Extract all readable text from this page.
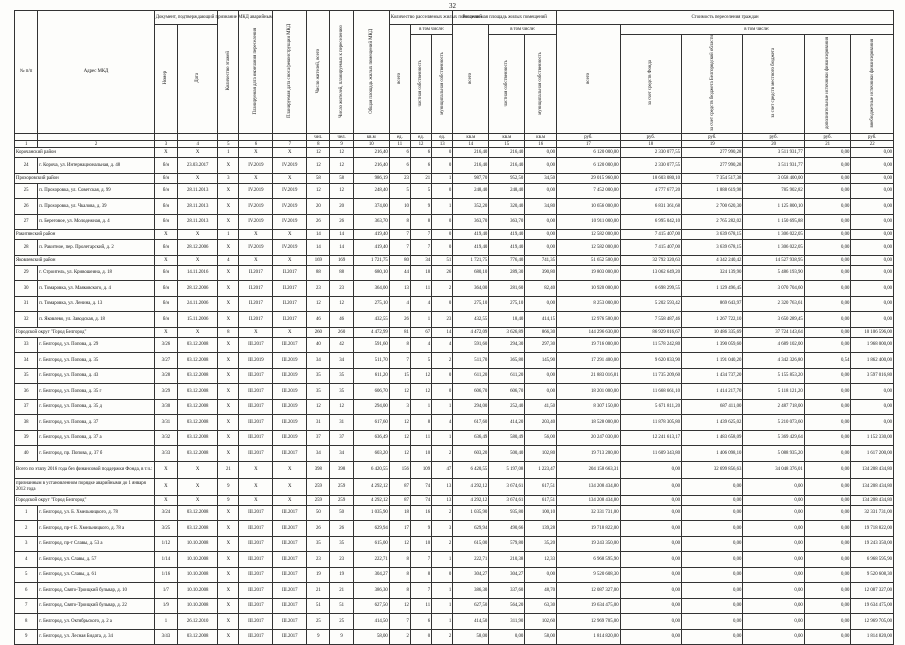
32
№ п/п	Адрес МКД	Документ, подтверждающий признание МКД аварийным		Количество этажей	Планируемая дата окончания переселения	Планируемая дата сноса/реконструкции МКД	Число жителей, всего	Число жителей, планируемых к переселению	Общая площадь жилых помещений МКД	Количество расселяемых жилых помещений			Расселяемая площадь жилых помещений			Стоимость переселения граждан					
		Номер	Дата							всего	в том числе:		всего	в том числе:		всего	в том числе:				
											частная собственность	муниципальная собственность		частная собственность	муниципальная собственность		за счет средств Фонда	за счет средств бюджета Белгородской области	за счет средств местного бюджета	дополнительные источники финансирования	внебюджетные источники финансирования
							чел.	чел.	кв.м	ед.	ед.	ед.	кв.м	кв.м	кв.м	руб.	руб.	руб.	руб.	руб.	руб.
1	2	3	4	5	6	7	8	9	10	11	12	13	14	15	16	17	18	19	20	21	22
Корочанский район		Х	Х	1	Х	Х	12	12	216,40	6	6	0	216,40	216,40	0,00	6 120 000,00	2 330 077,55	277 990,28	3 511 931,77	0,00	0,00
24	г. Короча, ул. Интернациональная, д. 48	б/н	23.03.2017	Х	IV.2019	IV.2019	12	12	216,40	6	6	0	216,40	216,40	0,00	6 120 000,00	2 330 077,55	277 990,28	3 511 931,77	0,00	0,00
Прохоровский район		б/н	Х	3	Х	Х	58	58	986,19	23	21	1	987,70	952,50	34,50	29 015 960,00	18 603 080,10	7 354 517,38	3 058 400,00	0,00	0,00
25	п. Прохоровка, ул. Советская, д. 99	б/н	28.11.2013	Х	IV.2019	IV.2019	12	12	248,40	5	5	0	248,40	248,40	0,00	7 452 000,00	4 777 677,20	1 888 619,98	785 902,82	0,00	0,00
26	п. Прохоровка, ул. Чкалова, д. 39	б/н	28.11.2013	Х	IV.2019	IV.2019	20	20	374,00	10	9	1	352,20	320,40	34,80	10 656 000,00	6 831 361,68	2 700 620,30	1 125 800,10	0,00	0,00
27	п. Береговое, ул. Молодежная, д. 4	б/н	28.11.2013	Х	IV.2019	IV.2019	26	26	363,70	8	8	0	363,70	363,70	0,00	10 911 000,00	6 995 042,10	2 765 282,02	1 150 695,88	0,00	0,00
Ракитянский район		Х	Х	1	Х	Х	14	14	419,40	7	7	0	419,40	419,40	0,00	12 582 000,00	7 415 407,00	3 639 678,15	1 306 022,05	0,00	0,00
28	п. Ракитное, пер. Пролетарский, д. 2	б/н	28.12.2006	Х	IV.2019	IV.2019	14	14	419,40	7	7	0	419,40	419,40	0,00	12 582 000,00	7 415 407,00	3 639 678,15	1 306 022,05	0,00	0,00
Яковлевский район		Х	Х	4	Х	Х	169	169	1 721,75	80	34	51	1 721,75	776,40	741,35	51 652 500,00	32 792 320,63	4 342 240,42	14 527 938,95	0,00	0,00
29	г. Строитель, ул. Кривошеина, д. 18	б/н	14.11.2016	Х	II.2017	II.2017	88	88	680,10	44	18	26	680,10	289,30	390,80	19 803 000,00	13 062 649,20	324 139,90	5 486 193,90	0,00	0,00
30	п. Томаровка, ул. Маяковского, д. 4	б/н	28.12.2006	Х	II.2017	II.2017	23	23	364,00	13	11	2	364,00	281,60	82,40	10 920 000,00	6 698 299,55	1 129 496,45	3 070 704,60	0,00	0,00
31	п. Томаровка, ул. Ленина, д. 13	б/н	24.11.2006	Х	II.2017	II.2017	12	12	275,10	4	4	0	275,10	275,10	0,00	8 253 000,00	5 202 593,42	869 643,97	2 320 763,61	0,00	0,00
32	п. Яковлево, ул. Заводская, д. 18	б/н	15.11.2006	Х	II.2017	II.2017	46	46	432,55	26	1	23	432,55	18,40	414,15	12 976 500,00	7 558 487,46	1 267 722,10	3 650 289,45	0,00	0,00
Городской округ "Город Белгород"		Х	Х	8	Х	Х	260	260	4 472,99	81	67	14	4 472,09	3 626,89	866,30	144 296 630,00	86 929 016,67	10 486 335,69	37 724 143,64	0,00	10 106 596,00
33	г. Белгород, ул. Попова, д. 29	3/26	03.12.2008	Х	III.2017	III.2017	40	42	591,60	8	4	4	591,60	294,30	297,30	19 716 000,00	11 578 242,80	1 390 059,60	4 689 102,00	0,00	1 968 000,00
34	г. Белгород, ул. Попова, д. 35	3/27	03.12.2008	Х	III.2019	III.2019	34	34	511,70	7	5	2	511,70	365,80	145,90	17 291 400,00	9 620 833,90	1 191 040,20	4 342 326,80	0,54	1 862 400,00
35	г. Белгород, ул. Попова, д. 43	3/28	03.12.2008	Х	III.2017	III.2019	35	35	611,20	15	12	0	611,20	611,20	0,00	21 883 016,81	11 735 209,60	1 434 737,20	5 155 853,20	0,00	3 597 016,80
36	г. Белгород, ул. Попова, д. 35 г	3/29	03.12.2008	Х	III.2017	III.2019	35	35	606,70	12	12	0	606,70	606,70	0,00	18 201 000,00	11 668 661,10	1 414 217,70	5 118 121,20	0,00	0,00
37	г. Белгород, ул. Попова, д. 35 д	3/30	03.12.2008	Х	III.2017	III.2019	12	12	294,00	3	1	1	294,00	252,40	41,50	8 307 150,00	5 671 811,20	687 411,00	2 487 718,00	0,00	0,00
38	г. Белгород, ул. Попова, д. 37	3/31	03.12.2008	Х	III.2017	III.2019	31	31	617,60	12	8	4	617,60	414,20	203,40	18 528 000,00	11 878 305,80	1 439 625,02	5 210 073,60	0,00	0,00
39	г. Белгород, ул. Попова, д. 37 а	3/32	03.12.2008	Х	III.2017	III.2019	37	37	636,49	12	11	1	636,49	580,49	56,00	20 247 030,00	12 241 613,17	1 483 658,09	5 369 429,64	0,00	1 152 330,00
40	г. Белгород, пр. Попова, д. 37 б	3/33	03.12.2008	Х	III.2017	III.2017	34	34	603,20	12	10	2	603,20	500,40	102,80	19 713 200,00	11 609 343,80	1 406 098,10	5 088 935,20	0,00	1 617 200,00
Всего по этапу 2016 года без финансовой поддержки Фонда, в т.ч.:		Х	Х	21	Х	Х	398	398	6 420,55	156	109	47	6 420,55	5 197,08	1 223,47	204 158 663,31	0,00	32 699 856,63	34 048 376,01	0,00	134 208 434,80
признанным в установленном порядке аварийными до 1 января 2012 года		Х	Х	9	Х	Х	259	259	4 292,12	87	74	13	4 292,12	3 674,61	617,51	134 208 434,80	0,00	0,00	0,00	0,00	134 208 434,80
Городской округ "Город Белгород"		Х	Х	9	Х	Х	259	259	4 292,12	87	74	13	4 292,12	3 674,61	617,51	134 208 434,80	0,00	0,00	0,00	0,00	134 208 434,80
1	г. Белгород, ул. Б. Хмельницкого, д. 78	3/24	03.12.2008	Х	III.2017	III.2017	50	50	1 035,90	18	16	2	1 035,90	935,80	100,10	32 331 731,00	0,00	0,00	0,00	0,00	32 331 731,00
2	г. Белгород, пр-т Б. Хмельницкого, д. 78 а	3/25	03.12.2008	Х	III.2017	III.2017	26	26	629,94	17	9	3	629,94	490,66	139,28	19 718 822,00	0,00	0,00	0,00	0,00	19 718 822,00
3	г. Белгород, пр-т Славы, д. 53 а	1/12	10.10.2008	Х	III.2017	III.2017	35	35	615,00	12	10	2	615,00	579,80	35,20	19 243 350,00	0,00	0,00	0,00	0,00	19 243 350,00
4	г. Белгород, ул. Славы, д. 57	1/14	10.10.2008	Х	III.2017	III.2017	23	23	222,71	8	7	1	222,71	210,38	12,33	6 968 595,90	0,00	0,00	0,00	0,00	6 968 595,90
5	г. Белгород, ул. Славы, д. 61	1/16	10.10.2008	Х	III.2017	III.2017	19	19	304,27	8	8	0	304,27	304,27	0,00	9 520 608,30	0,00	0,00	0,00	0,00	9 520 608,30
6	г. Белгород, Свято-Троицкий бульвар, д. 10	1/7	10.10.2008	Х	III.2017	III.2017	21	21	386,30	8	7	1	386,30	337,60	48,70	12 087 327,00	0,00	0,00	0,00	0,00	12 087 327,00
7	г. Белгород, Свято-Троицкий бульвар, д. 22	1/9	10.10.2008	Х	III.2017	III.2017	51	51	627,50	12	11	1	627,50	564,20	63,30	19 634 475,00	0,00	0,00	0,00	0,00	19 634 475,00
8	г. Белгород, ул. Октябрьского, д. 2 а	1	26.12.2010	Х	III.2017	III.2017	25	25	414,50	7	6	1	414,50	311,90	102,60	12 969 705,00	0,00	0,00	0,00	0,00	12 969 705,00
9	г. Белгород, ул. Лесная Бидата, д. 34	3/43	03.12.2008	Х	III.2017	III.2017	9	9	58,00	2	0	2	58,00	0,00	58,00	1 814 820,00	0,00	0,00	0,00	0,00	1 814 820,00
